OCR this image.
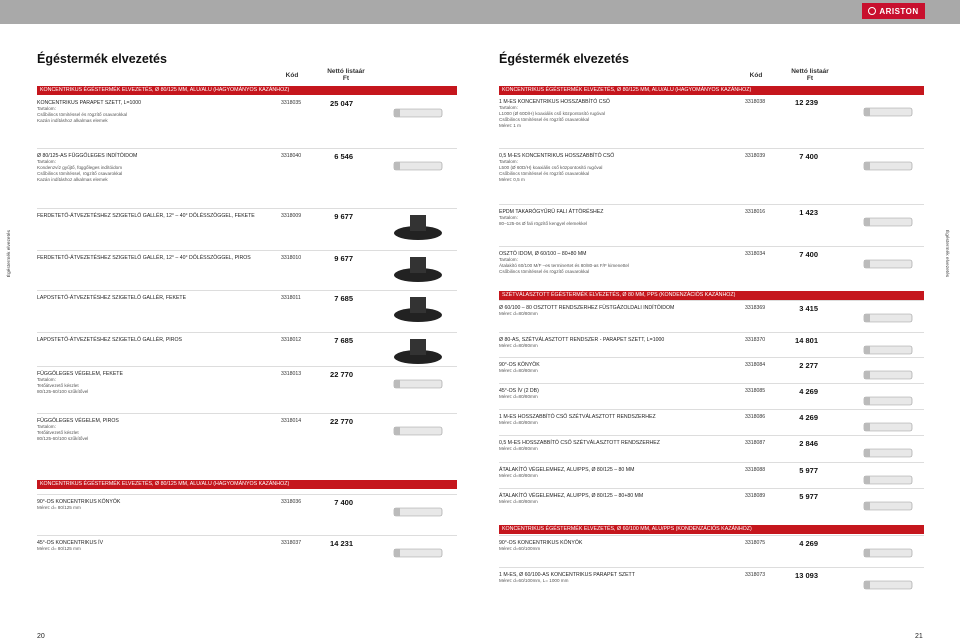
ARISTON
Égéstermék elvezetés	Égéstermék elvezetés
Kód
Nettó listaár Ft	Kód
Nettó listaár Ft
KONCENTRIKUS ÉGÉSTERMÉK ELVEZETÉS, Ø 80/125 MM, ALU/ALU (HAGYOMÁNYOS KAZÁNHOZ)
KONCENTRIKUS ÉGÉSTERMÉK ELVEZETÉS, Ø 80/125 MM, ALU/ALU (HAGYOMÁNYOS KAZÁNHOZ)
KONCENTRIKUS ÉGÉSTERMÉK ELVEZETÉS, Ø 80/125 MM, ALU/ALU (HAGYOMÁNYOS KAZÁNHOZ)
SZÉTVÁLASZTOTT ÉGÉSTERMÉK ELVEZETÉS, Ø 80 MM, PPS (KONDENZÁCIÓS KAZÁNHOZ)
KONCENTRIKUS ÉGÉSTERMÉK ELVEZETÉS, Ø 60/100 MM, ALU/PPS (KONDENZÁCIÓS KAZÁNHOZ)
Égéstermék elvezetés	Égéstermék elvezetés
KONCENTRIKUS PARAPET SZETT, L=1000
Tartalom:
Csőbilincs tömítéssel és rögzítő csavarokkal
Kazán indításhoz alkalmas elemek
3318035	25 047
Ø 80/125-AS FÜGGŐLEGES INDÍTÓIDOM
Tartalom:
Kondenzvíz gyűjtő, függőleges indítóidom
Csőbilincs tömítéssel, rögzítő csavarokkal
Kazán indításhoz alkalmas elemek
3318040	6 546
FERDETETŐ-ÁTVEZETÉSHEZ SZIGETELŐ GALLÉR, 12° – 40° DŐLÉSSZÖGGEL, FEKETE	3318009	9 677
FERDETETŐ-ÁTVEZETÉSHEZ SZIGETELŐ GALLÉR, 12° – 40° DŐLÉSSZÖGGEL, PIROS	3318010	9 677
LAPOSTETŐ-ÁTVEZETÉSHEZ SZIGETELŐ GALLÉR, FEKETE	3318011	7 685
LAPOSTETŐ-ÁTVEZETÉSHEZ SZIGETELŐ GALLÉR, PIROS	3318012	7 685
FÜGGŐLEGES VÉGELEM, FEKETE
Tartalom:
Tetőátvezető készlet
80/125-60/100 szűkítővel
3318013	22 770
FÜGGŐLEGES VÉGELEM, PIROS
Tartalom:
Tetőátvezető készlet
80/125-60/100 szűkítővel
3318014	22 770
90°-OS KONCENTRIKUS KÖNYÖK
Méret: d= 80/125 mm
3318036	7 400
45°-OS KONCENTRIKUS ÍV
Méret: d= 80/125 mm
3318037	14 231
1 M-ES KONCENTRIKUS HOSSZABBÍTÓ CSŐ
Tartalom:
L1000 (Ø 60D/H) koaxiális cső központosító rugóval
Csőbilincs tömítéssel és rögzítő csavarokkal
Méret: 1 m
3318038	12 239
0,5 M-ES KONCENTRIKUS HOSSZABBÍTÓ CSŐ
Tartalom:
L500 (Ø 60D/H) koaxiális cső központosító rugóval
Csőbilincs tömítéssel és rögzítő csavarokkal
Méret: 0,5 m
3318039	7 400
EPDM TAKARÓGYŰRŰ FALI ÁTTÖRÉSHEZ
Tartalom:
80–125-ös Ø fali rögzítő kengyel elemekkel
3318016	1 423
OSZTÓ IDOM, Ø 60/100 – 80+80 MM
Tartalom:
Átalakító 60/100 M/F –es terminertet és 80/80-as F/F kimenettel
Csőbilincs tömítéssel és rögzítő csavarokkal
3318034	7 400
Ø 60/100 – 80 OSZTOTT RENDSZERHEZ FÜSTGÁZOLDALI INDÍTÓIDOM
Méret: d=80/80mm
3318369	3 415
Ø 80-AS, SZÉTVÁLASZTOTT RENDSZER - PARAPET SZETT, L=1000
Méret: d=80/80mm
3318370	14 801
90°-OS KÖNYÖK
Méret: d=80/80mm
3318084	2 277
45°-OS ÍV (2 DB)
Méret: d=80/80mm
3318085	4 269
1 M-ES HOSSZABBÍTÓ CSŐ SZÉTVÁLASZTOTT RENDSZERHEZ
Méret: d=80/80mm
3318086	4 269
0,5 M-ES HOSSZABBÍTÓ CSŐ SZÉTVÁLASZTOTT RENDSZERHEZ
Méret: d=80/80mm
3318087	2 846
ÁTALAKÍTÓ VÉGELEMHEZ, ALU/PPS, Ø 80/125 – 80 MM
Méret: d=80/80mm
3318088	5 977
ÁTALAKÍTÓ VÉGELEMHEZ, ALU/PPS, Ø 80/125 – 80+80 MM
Méret: d=80/80mm
3318089	5 977
90°-OS KONCENTRIKUS KÖNYÖK
Méret: d=60/100mm
3318075	4 269
1 M-ES, Ø 60/100-AS KONCENTRIKUS PARAPET SZETT
Méret: d=60/100mm, L= 1000 mm
3318073	13 093
20	21
